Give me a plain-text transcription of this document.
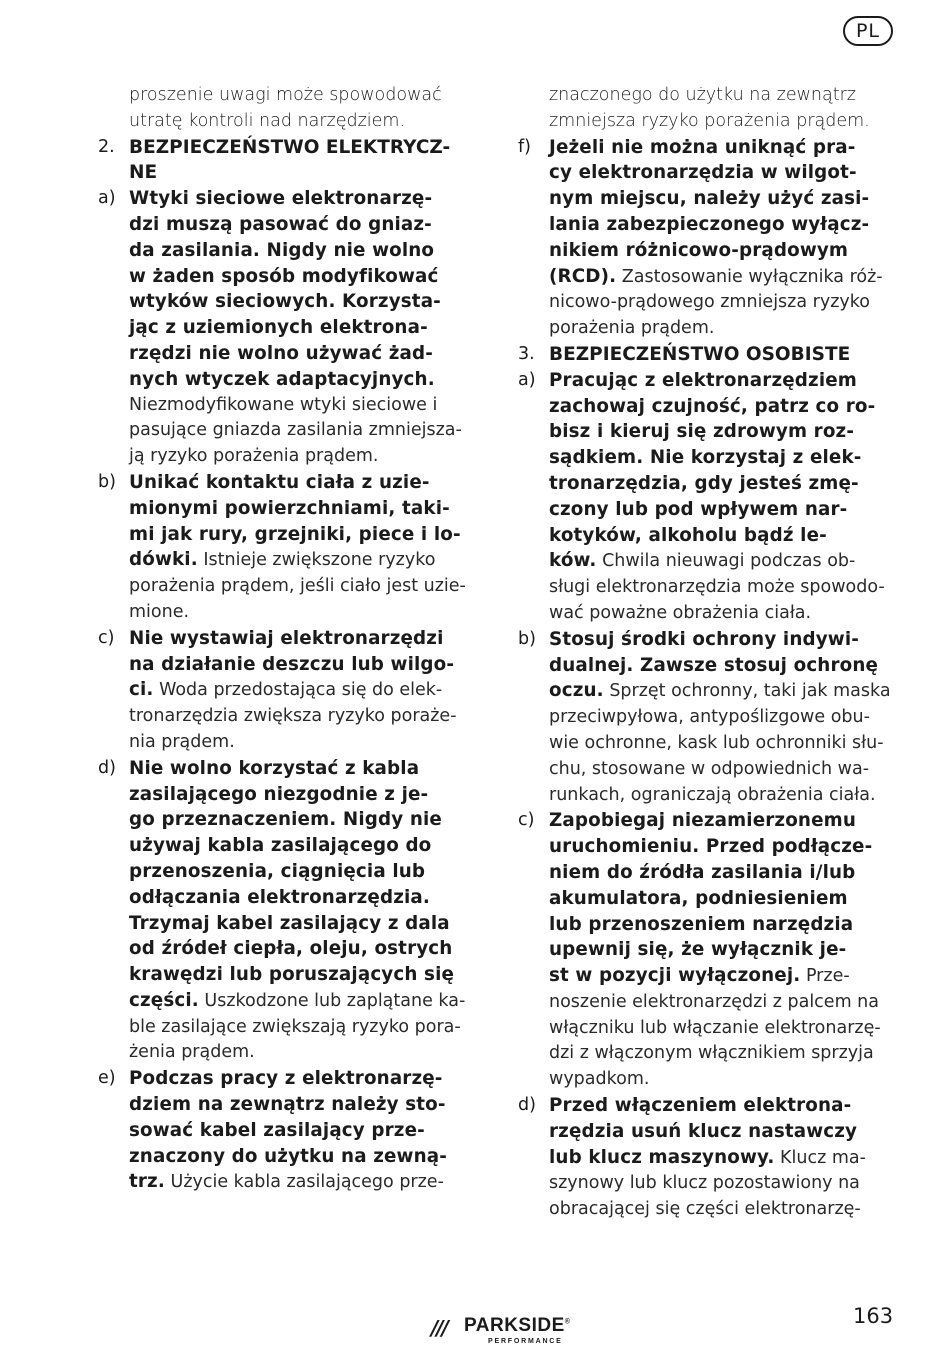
PL
proszenie uwagi może spowodować
utratę kontroli nad narzędziem.
2. BEZPIECZEŃSTWO ELEKTRYCZ-
NE
a) Wtyki sieciowe elektronarzę-
dzi muszą pasować do gniaz-
da zasilania. Nigdy nie wolno
w żaden sposób modyfikować
wtyków sieciowych. Korzysta-
jąc z uziemionych elektrona-
rzędzi nie wolno używać żad-
nych wtyczek adaptacyjnych.
Niezmodyfikowane wtyki sieciowe i
pasujące gniazda zasilania zmniejsza-
ją ryzyko porażenia prądem.
b) Unikać kontaktu ciała z uzie-
mionymi powierzchniami, taki-
mi jak rury, grzejniki, piece i lo-
dówki. Istnieje zwiększone ryzyko
porażenia prądem, jeśli ciało jest uzie-
mione.
c) Nie wystawiaj elektronarzędzi
na działanie deszczu lub wilgo-
ci. Woda przedostająca się do elek-
tronarzędzia zwiększa ryzyko poraże-
nia prądem.
d) Nie wolno korzystać z kabla
zasilającego niezgodnie z je-
go przeznaczeniem. Nigdy nie
używaj kabla zasilającego do
przenoszenia, ciągnięcia lub
odłączania elektronarzędzia.
Trzymaj kabel zasilający z dala
od źródeł ciepła, oleju, ostrych
krawędzi lub poruszających się
części. Uszkodzone lub zaplątane ka-
ble zasilające zwiększają ryzyko pora-
żenia prądem.
e) Podczas pracy z elektronarzę-
dziem na zewnątrz należy sto-
sować kabel zasilający prze-
znaczony do użytku na zewną-
trz. Użycie kabla zasilającego prze-
znaczonego do użytku na zewnątrz
zmniejsza ryzyko porażenia prądem.
f) Jeżeli nie można uniknąć pra-
cy elektronarzędzia w wilgot-
nym miejscu, należy użyć zasi-
lania zabezpieczonego wyłącz-
nikiem różnicowo-prądowym
(RCD). Zastosowanie wyłącznika róż-
nicowo-prądowego zmniejsza ryzyko
porażenia prądem.
3. BEZPIECZEŃSTWO OSOBISTE
a) Pracując z elektronarzędziem
zachowaj czujność, patrz co ro-
bisz i kieruj się zdrowym roz-
sądkiem. Nie korzystaj z elek-
tronarzędzia, gdy jesteś zmę-
czony lub pod wpływem nar-
kotyków, alkoholu bądź le-
ków. Chwila nieuwagi podczas ob-
sługi elektronarzędzia może spowodo-
wać poważne obrażenia ciała.
b) Stosuj środki ochrony indywi-
dualnej. Zawsze stosuj ochronę
oczu. Sprzęt ochronny, taki jak maska
przeciwpyłowa, antypoślizgowe obu-
wie ochronne, kask lub ochronniki słu-
chu, stosowane w odpowiednich wa-
runkach, ograniczają obrażenia ciała.
c) Zapobiegaj niezamierzonemu
uruchomieniu. Przed podłącze-
niem do źródła zasilania i/lub
akumulatora, podniesieniem
lub przenoszeniem narzędzia
upewnij się, że wyłącznik je-
st w pozycji wyłączonej. Prze-
noszenie elektronarzędzi z palcem na
włączniku lub włączanie elektronarzę-
dzi z włączonym włącznikiem sprzyja
wypadkom.
d) Przed włączeniem elektrona-
rzędzia usuń klucz nastawczy
lub klucz maszynowy. Klucz ma-
szynowy lub klucz pozostawiony na
obracającej się części elektronarzę-
/// PARKSIDE®
PERFORMANCE
163
